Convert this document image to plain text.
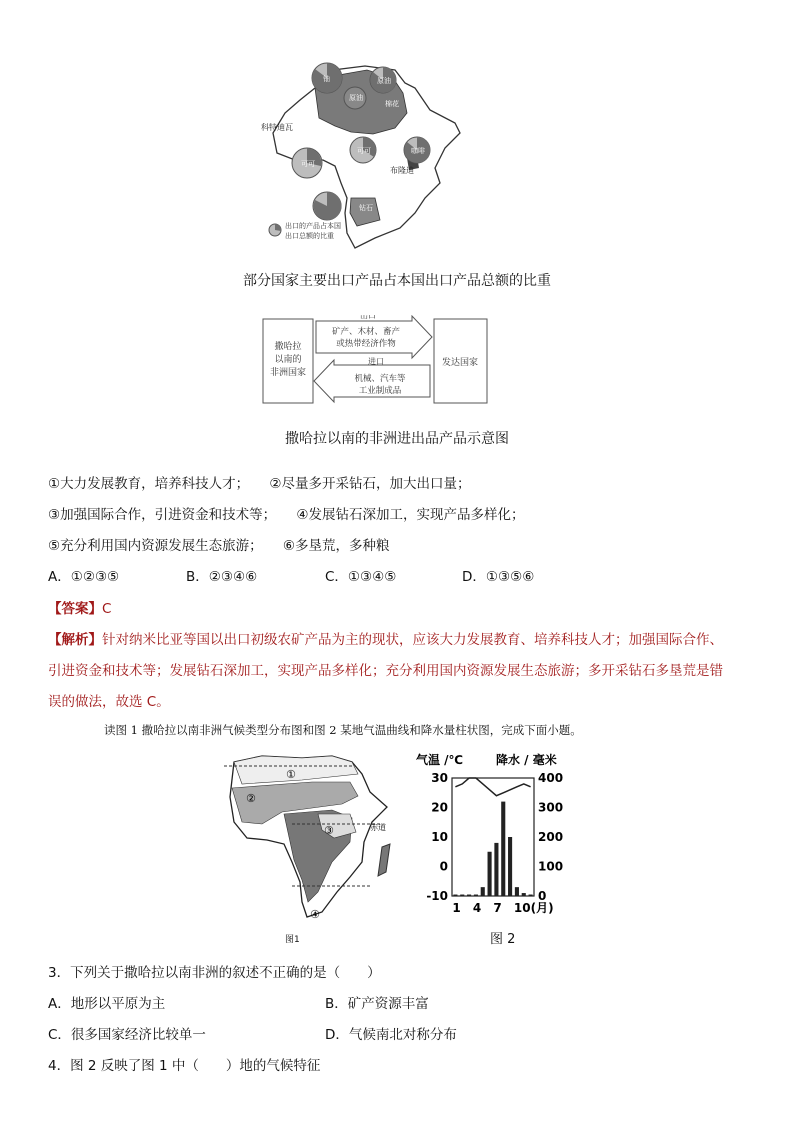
出口的产品占本国
出口总额的比重
布隆迪
科特迪瓦
铀	原油
原油
棉花
咖啡
可可
可可
钻石
部分国家主要出口产品占本国出口产品总额的比重
撒哈拉
以南的
非洲国家
发达国家
出口
矿产、木材、畜产
或热带经济作物
进口
机械、汽车等
工业制成品
撒哈拉以南的非洲进出品产品示意图
①大力发展教育，培养科技人才；　　②尽量多开采钻石，加大出口量；
③加强国际合作，引进资金和技术等；　　④发展钻石深加工，实现产品多样化；
⑤充分利用国内资源发展生态旅游；　　⑥多垦荒，多种粮
A．①②③⑤	B．②③④⑥	C．①③④⑤	D．①③⑤⑥
【答案】C
【解析】针对纳米比亚等国以出口初级农矿产品为主的现状，应该大力发展教育、培养科技人才；加强国际合作、
引进资金和技术等；发展钻石深加工，实现产品多样化；充分利用国内资源发展生态旅游；多开采钻石多垦荒是错
误的做法，故选 C。
读图 1 撒哈拉以南非洲气候类型分布图和图 2 某地气温曲线和降水量柱状图，完成下面小题。
①
②
③
④
赤道
图1
气温 /℃	降水 / 毫米
30
20
10
0
-10
400
300
200
100
0
1 4 7 10(月)
图 2
3．下列关于撒哈拉以南非洲的叙述不正确的是（　　）
A．地形以平原为主	B．矿产资源丰富
C．很多国家经济比较单一	D．气候南北对称分布
4．图 2 反映了图 1 中（　　）地的气候特征
